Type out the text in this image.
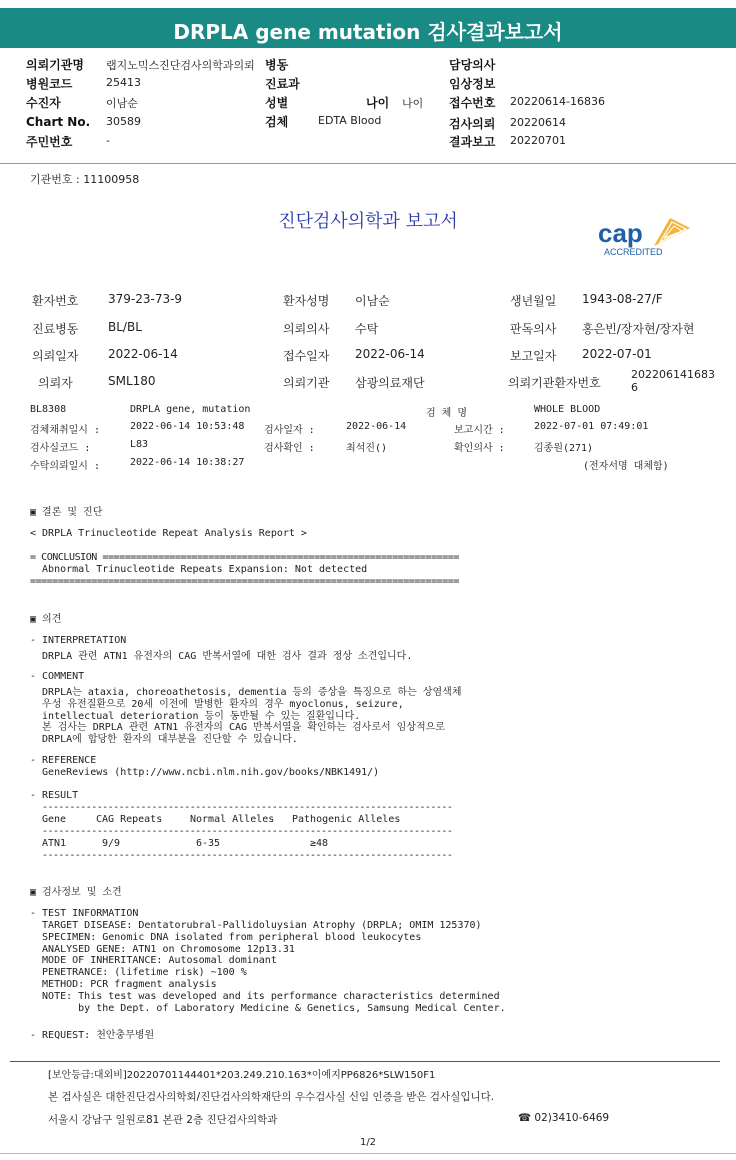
DRPLA gene mutation 검사결과보고서
의뢰기관명 랩지노믹스진단검사의학과의뢰 병동	담당의사
병원코드	25413	진료과	임상정보
수진자	이남순	성별	나이 나이 접수번호 20220614-16836
Chart No. 30589	검체	EDTA Blood	검사의뢰 20220614
주민번호	-	결과보고 20220701
기관번호 : 11100958
진단검사의학과 보고서	cap
ACCREDITED
환자번호 379-23-73-9	환자성명 이남순	생년월일 1943-08-27/F
진료병동 BL/BL	의뢰의사 수탁	판독의사 홍은빈/장자현/장자현
의뢰일자 2022-06-14	접수일자 2022-06-14	보고일자 2022-07-01
의뢰자	SML180	의뢰기관 삼광의료재단	의뢰기관환자번호
202206141683
6
BL8308	DRPLA gene, mutation	검 체 명	WHOLE BLOOD
검체채취일시 :	2022-06-14 10:53:48 검사일자 :	2022-06-14	보고시간 :	2022-07-01 07:49:01
검사실코드 :	L83	검사확인 :	최석진()	확인의사 :	김종원(271)
수탁의뢰일시 :	2022-06-14 10:38:27	(전자서명 대체함)
▣ 결론 및 진단
< DRPLA Trinucleotide Repeat Analysis Report >
= CONCLUSION ================================================================
Abnormal Trinucleotide Repeats Expansion: Not detected
=============================================================================
▣ 의견
- INTERPRETATION
DRPLA 관련 ATN1 유전자의 CAG 반복서열에 대한 검사 결과 정상 소견입니다.
- COMMENT
DRPLA는 ataxia, choreoathetosis, dementia 등의 증상을 특징으로 하는 상염색체
우성 유전질환으로 20세 이전에 발병한 환자의 경우 myoclonus, seizure,
intellectual deterioration 등이 동반될 수 있는 질환입니다.
본 검사는 DRPLA 관련 ATN1 유전자의 CAG 반복서열을 확인하는 검사로서 임상적으로
DRPLA에 합당한 환자의 대부분을 진단할 수 있습니다.
- REFERENCE
GeneReviews (http://www.ncbi.nlm.nih.gov/books/NBK1491/)
- RESULT
---------------------------------------------------------------------------
Gene	CAG Repeats	Normal Alleles Pathogenic Alleles
---------------------------------------------------------------------------
ATN1	9/9	6-35	≥48
---------------------------------------------------------------------------
▣ 검사정보 및 소견
- TEST INFORMATION
TARGET DISEASE: Dentatorubral-Pallidoluysian Atrophy (DRPLA; OMIM 125370)
SPECIMEN: Genomic DNA isolated from peripheral blood leukocytes
ANALYSED GENE: ATN1 on Chromosome 12p13.31
MODE OF INHERITANCE: Autosomal dominant
PENETRANCE: (lifetime risk) ~100 %
METHOD: PCR fragment analysis
NOTE: This test was developed and its performance characteristics determined
by the Dept. of Laboratory Medicine & Genetics, Samsung Medical Center.
- REQUEST: 천안충무병원
[보안등급:대외비]20220701144401*203.249.210.163*이예지PP6826*SLW150F1
본 검사실은 대한진단검사의학회/진단검사의학재단의 우수검사실 신임 인증을 받은 검사실입니다.
서울시 강남구 일원로81 본관 2층 진단검사의학과	☎ 02)3410-6469
1/2
